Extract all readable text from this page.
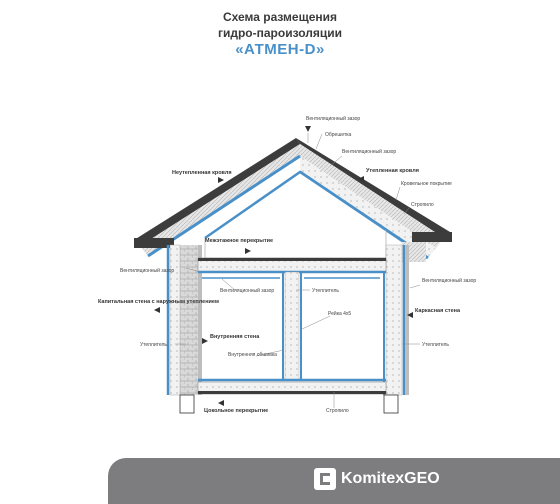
Схема размещения
гидро-пароизоляции
«АТМЕН-D»
Вентиляционный зазор
Обрешетка
Вентиляционный зазор
Кровельное покрытие
Стропило
Вентиляционный зазор
Вентиляционный зазор
Вентиляционный зазор
Утеплитель
Рейка 4х5
Утеплитель
Внутренняя обшивка
Утеплитель
Стропило
Неутепленная кровля	Утепленная кровля
Межэтажное перекрытие
Капитальная стена с наружным утеплением
Внутренняя стена
Каркасная стена
Цокольное перекрытие
KomitexGEO
